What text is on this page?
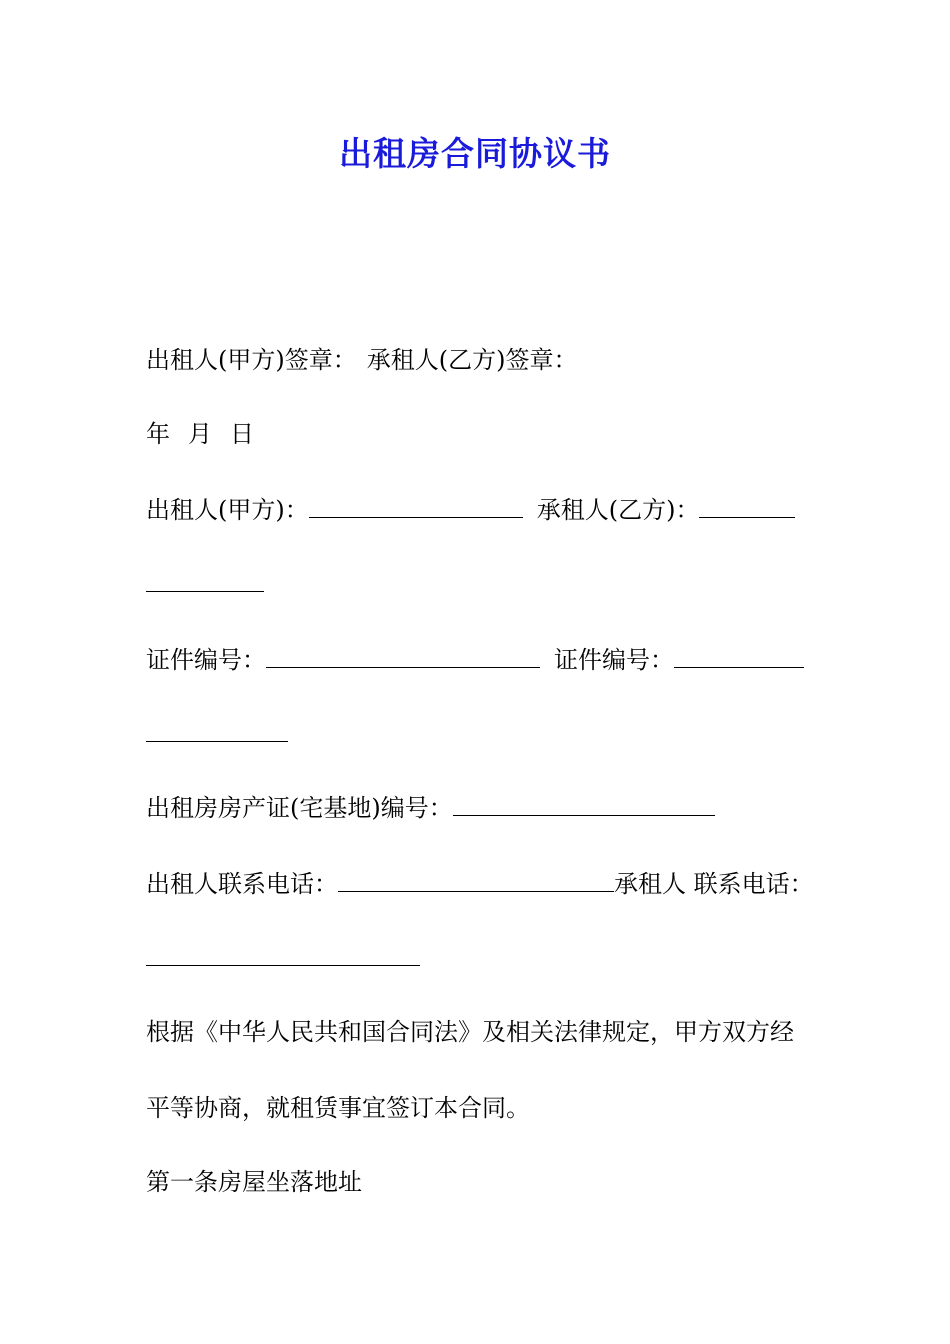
出租房合同协议书
出租人(甲方)签章： 承租人(乙方)签章：
年 月 日
出租人(甲方)：	承租人(乙方)：
证件编号：	证件编号：
出租房房产证(宅基地)编号：
出租人联系电话：	承租人 联系电话：
根据《中华人民共和国合同法》及相关法律规定，甲方双方经
平等协商，就租赁事宜签订本合同。
第一条房屋坐落地址
